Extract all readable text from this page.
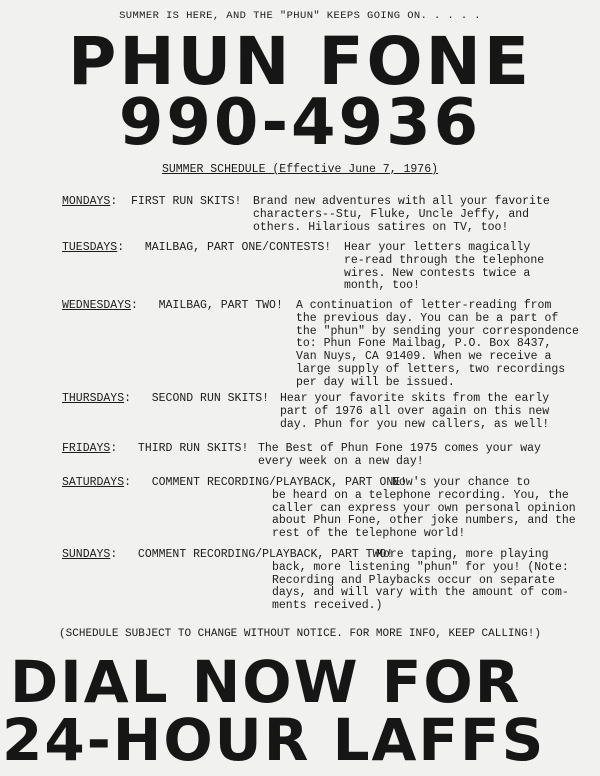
SUMMER IS HERE, AND THE "PHUN" KEEPS GOING ON. . . . .
PHUN FONE
990-4936
SUMMER SCHEDULE (Effective June 7, 1976)
MONDAYS:  FIRST RUN SKITS! Brand new adventures with all your favorite
characters--Stu, Fluke, Uncle Jeffy, and
others. Hilarious satires on TV, too!
TUESDAYS:   MAILBAG, PART ONE/CONTESTS! Hear your letters magically
re-read through the telephone
wires. New contests twice a
month, too!
WEDNESDAYS:   MAILBAG, PART TWO! A continuation of letter-reading from
the previous day. You can be a part of
the "phun" by sending your correspondence
to: Phun Fone Mailbag, P.O. Box 8437,
Van Nuys, CA 91409. When we receive a
large supply of letters, two recordings
per day will be issued.
THURSDAYS:   SECOND RUN SKITS! Hear your favorite skits from the early
part of 1976 all over again on this new
day. Phun for you new callers, as well!
FRIDAYS:   THIRD RUN SKITS! The Best of Phun Fone 1975 comes your way
every week on a new day!
SATURDAYS:   COMMENT RECORDING/PLAYBACK, PART ONE!
Now's your chance to
be heard on a telephone recording. You, the
caller can express your own personal opinion
about Phun Fone, other joke numbers, and the
rest of the telephone world!
SUNDAYS:   COMMENT RECORDING/PLAYBACK, PART TWO!
More taping, more playing
back, more listening "phun" for you! (Note:
Recording and Playbacks occur on separate
days, and will vary with the amount of com-
ments received.)
(SCHEDULE SUBJECT TO CHANGE WITHOUT NOTICE. FOR MORE INFO, KEEP CALLING!)
DIAL NOW FOR
24-HOUR LAFFS
